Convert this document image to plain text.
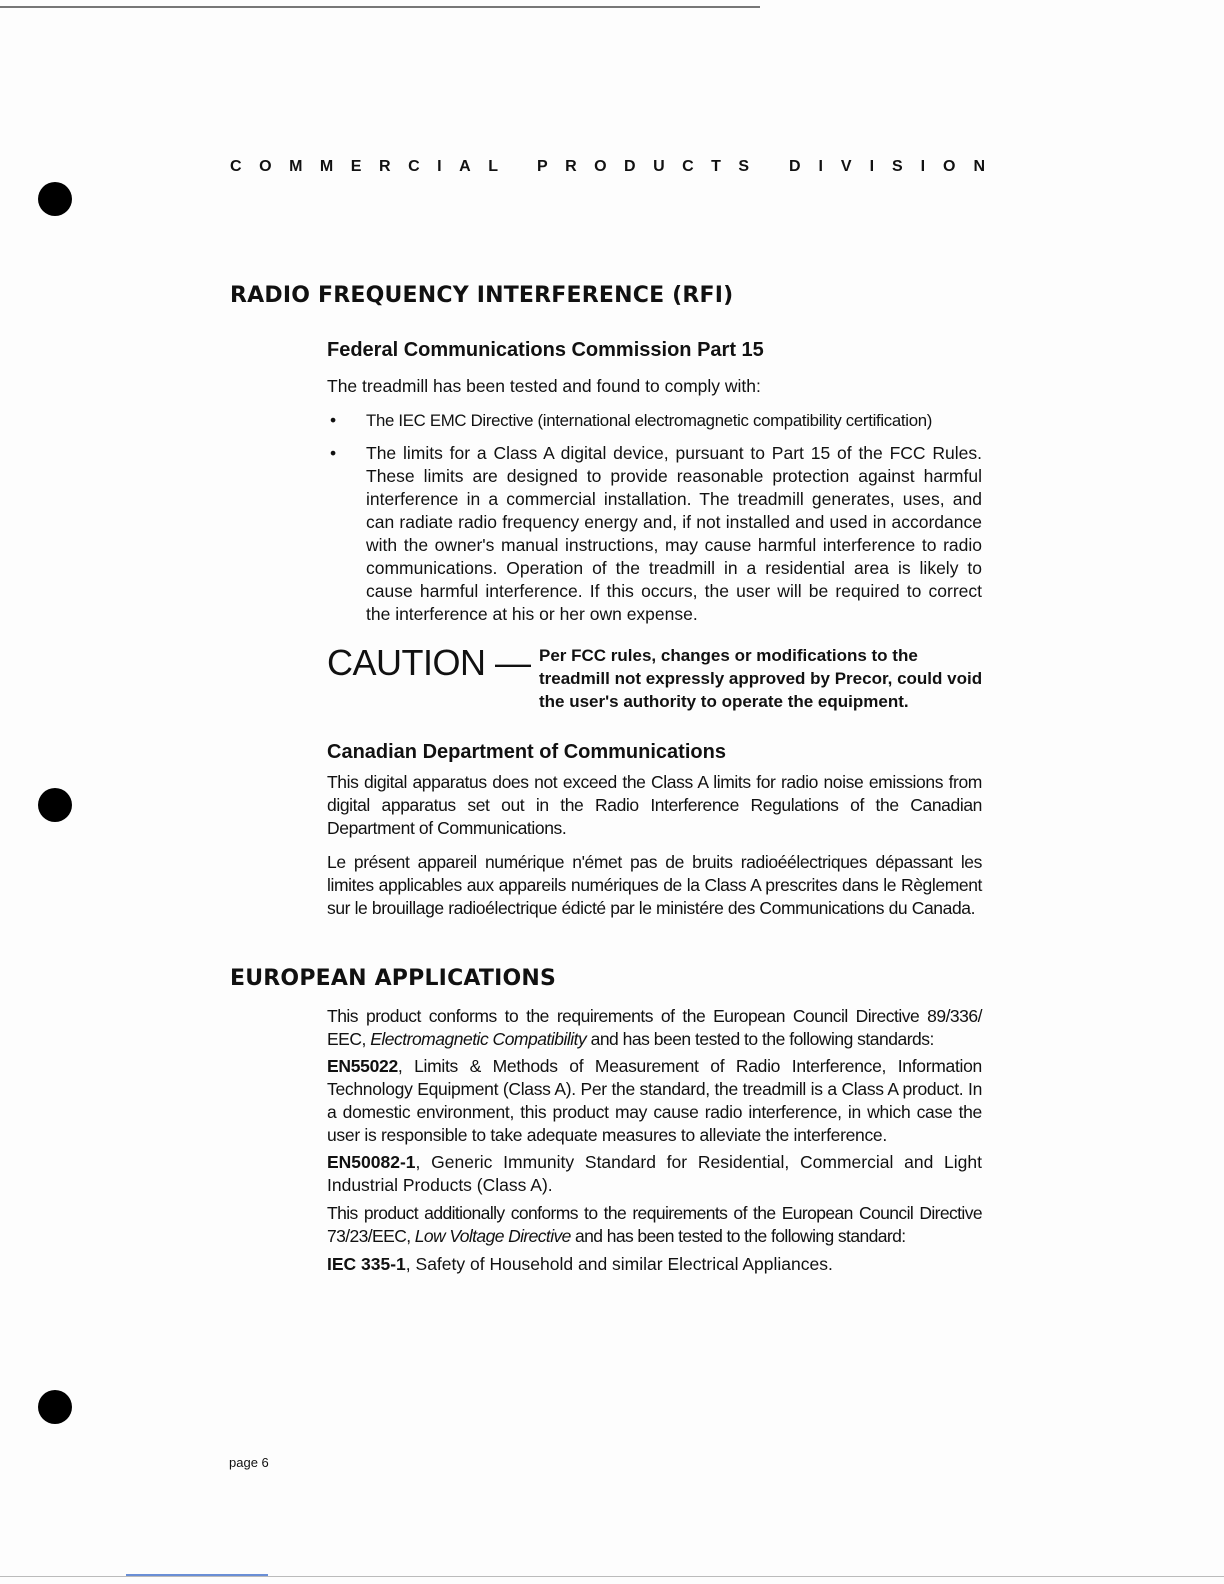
COMMERCIAL PRODUCTS DIVISION
RADIO FREQUENCY INTERFERENCE (RFI)
Federal Communications Commission Part 15

The treadmill has been tested and found to comply with:

• The IEC EMC Directive (international electromagnetic compatibility certification)
• The limits for a Class A digital device, pursuant to Part 15 of the FCC Rules. These limits are designed to provide reasonable protection against harmful interference in a commercial installation. The treadmill generates, uses, and can radiate radio frequency energy and, if not installed and used in accordance with the owner's manual instructions, may cause harmful interference to radio communications. Operation of the treadmill in a residential area is likely to cause harmful interference. If this occurs, the user will be required to correct the interference at his or her own expense.
CAUTION — Per FCC rules, changes or modifications to the treadmill not expressly approved by Precor, could void the user's authority to operate the equipment.
Canadian Department of Communications

This digital apparatus does not exceed the Class A limits for radio noise emissions from digital apparatus set out in the Radio Interference Regulations of the Canadian Department of Communications.

Le présent appareil numérique n'émet pas de bruits radioéélectriques dépassant les limites applicables aux appareils numériques de la Class A prescrites dans le Règlement sur le brouillage radioélectrique édicté par le ministére des Communications du Canada.

EUROPEAN APPLICATIONS

This product conforms to the requirements of the European Council Directive 89/336/ EEC, Electromagnetic Compatibility and has been tested to the following standards:

EN55022, Limits & Methods of Measurement of Radio Interference, Information Technology Equipment (Class A). Per the standard, the treadmill is a Class A product. In a domestic environment, this product may cause radio interference, in which case the user is responsible to take adequate measures to alleviate the interference.

EN50082-1, Generic Immunity Standard for Residential, Commercial and Light Industrial Products (Class A).

This product additionally conforms to the requirements of the European Council Directive 73/23/EEC, Low Voltage Directive and has been tested to the following standard:

IEC 335-1, Safety of Household and similar Electrical Appliances.

page 6
